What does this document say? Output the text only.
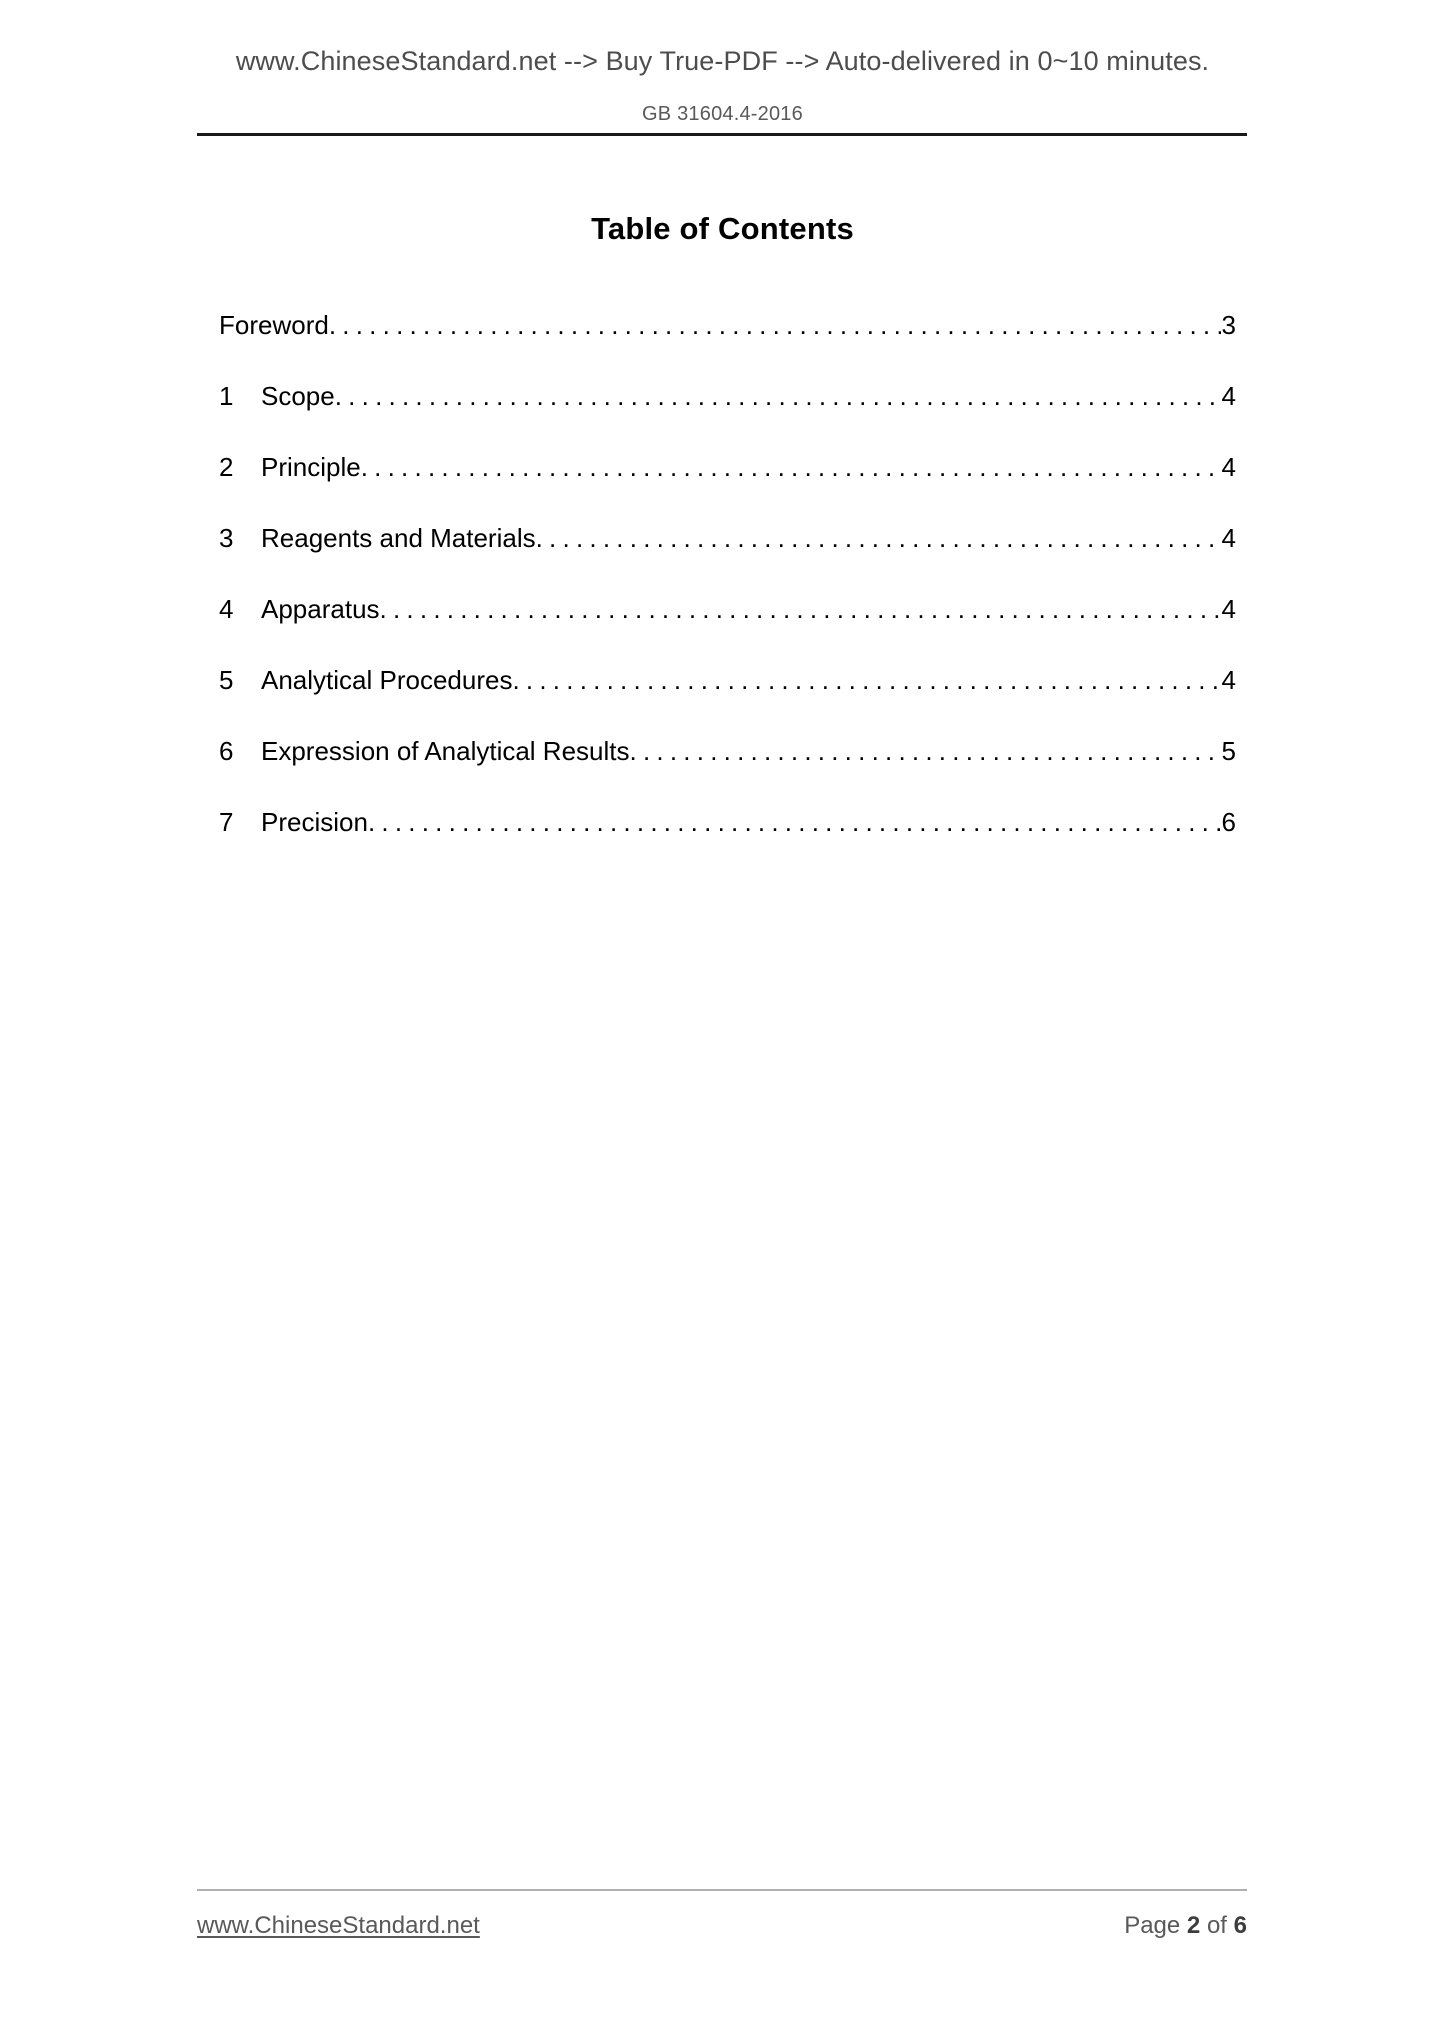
www.ChineseStandard.net --> Buy True-PDF --> Auto-delivered in 0~10 minutes.
GB 31604.4-2016
Table of Contents
Foreword . . .	3
1	Scope . . .	4
2	Principle . . .	4
3	Reagents and Materials . . .	4
4	Apparatus . . .	4
5	Analytical Procedures . . .	4
6	Expression of Analytical Results . . .	5
7	Precision . . .	6
www.ChineseStandard.net	Page 2 of 6
